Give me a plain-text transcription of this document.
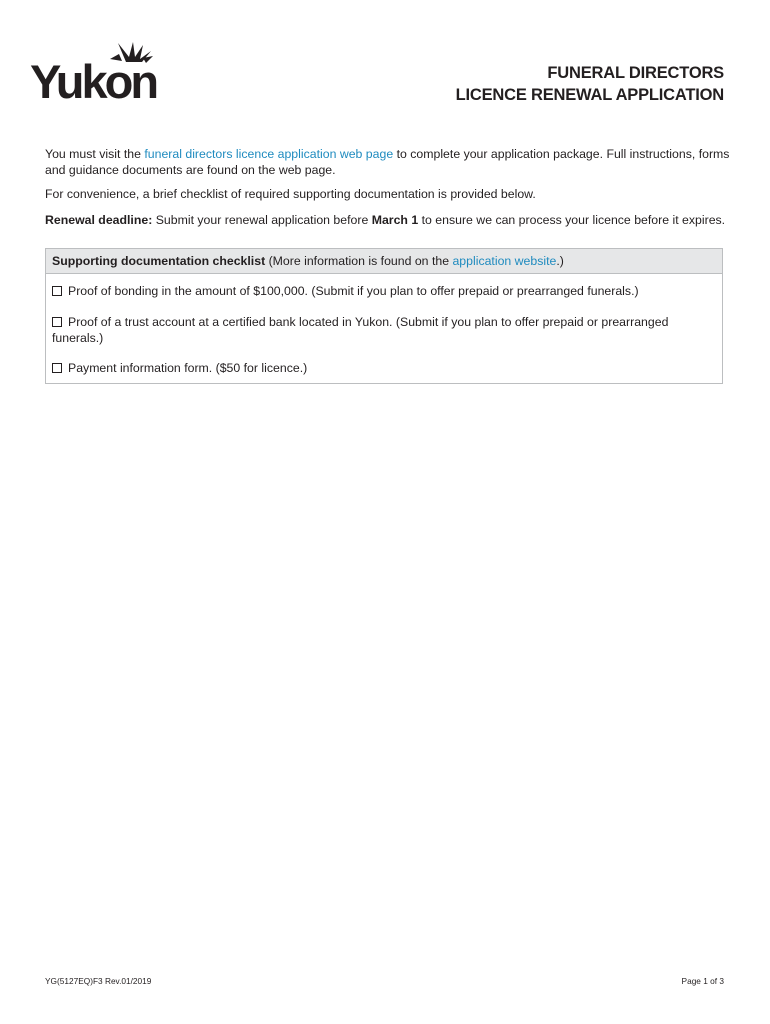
Yukon	FUNERAL DIRECTORS
LICENCE RENEWAL APPLICATION

You must visit the funeral directors licence application web page to complete your application package. Full instructions, forms and guidance documents are found on the web page.

For convenience, a brief checklist of required supporting documentation is provided below.

Renewal deadline: Submit your renewal application before March 1 to ensure we can process your licence before it expires.

Supporting documentation checklist (More information is found on the application website.)
Proof of bonding in the amount of $100,000. (Submit if you plan to offer prepaid or prearranged funerals.)
Proof of a trust account at a certified bank located in Yukon. (Submit if you plan to offer prepaid or prearranged funerals.)
Payment information form. ($50 for licence.)
YG(5127EQ)F3 Rev.01/2019	Page 1 of 3
